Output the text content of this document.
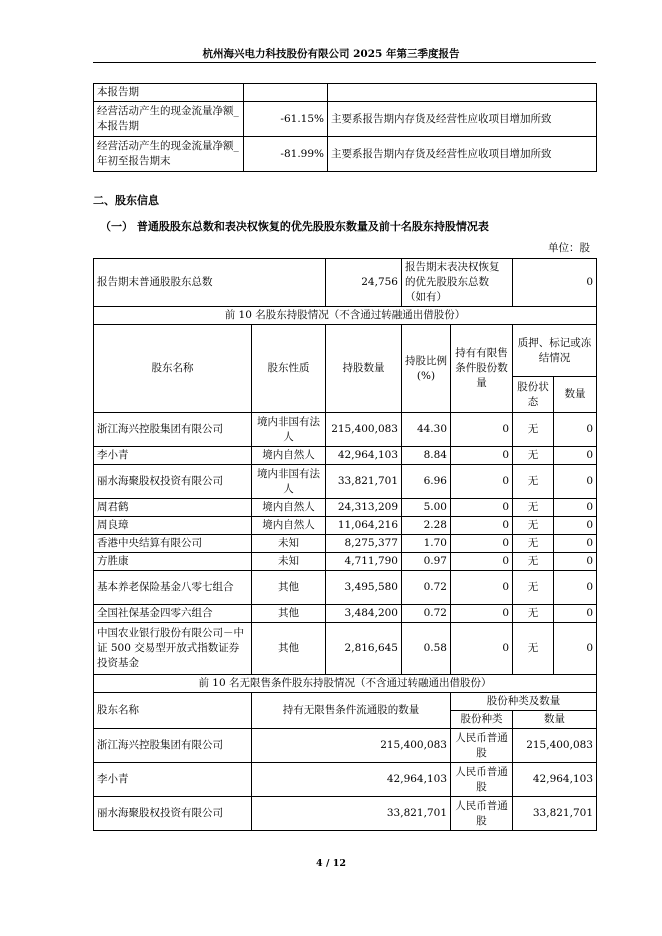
杭州海兴电力科技股份有限公司 2025 年第三季度报告
本报告期		
经营活动产生的现金流量净额_本报告期	-61.15%	主要系报告期内存货及经营性应收项目增加所致
经营活动产生的现金流量净额_年初至报告期末	-81.99%	主要系报告期内存货及经营性应收项目增加所致
二、股东信息
（一） 普通股股东总数和表决权恢复的优先股股东数量及前十名股东持股情况表
单位：股
报告期末普通股股东总数		24,756	报告期末表决权恢复的优先股股东总数（如有）		0	
前 10 名股东持股情况（不含通过转融通出借股份）						
股东名称	股东性质	持股数量	持股比例(%)	持有有限售条件股份数量	质押、标记或冻结情况	
					股份状态	数量
浙江海兴控股集团有限公司	境内非国有法人	215,400,083	44.30	0	无	0
李小青	境内自然人	42,964,103	8.84	0	无	0
丽水海聚股权投资有限公司	境内非国有法人	33,821,701	6.96	0	无	0
周君鹤	境内自然人	24,313,209	5.00	0	无	0
周良璋	境内自然人	11,064,216	2.28	0	无	0
香港中央结算有限公司	未知	8,275,377	1.70	0	无	0
方胜康	未知	4,711,790	0.97	0	无	0
基本养老保险基金八零七组合	其他	3,495,580	0.72	0	无	0
全国社保基金四零六组合	其他	3,484,200	0.72	0	无	0
中国农业银行股份有限公司－中证 500 交易型开放式指数证券投资基金	其他	2,816,645	0.58	0	无	0
前 10 名无限售条件股东持股情况（不含通过转融通出借股份）						
股东名称	持有无限售条件流通股的数量			股份种类及数量		
				股份种类	数量	
浙江海兴控股集团有限公司	215,400,083			人民币普通股	215,400,083	
李小青	42,964,103			人民币普通股	42,964,103	
丽水海聚股权投资有限公司	33,821,701			人民币普通股	33,821,701	
4 / 12
